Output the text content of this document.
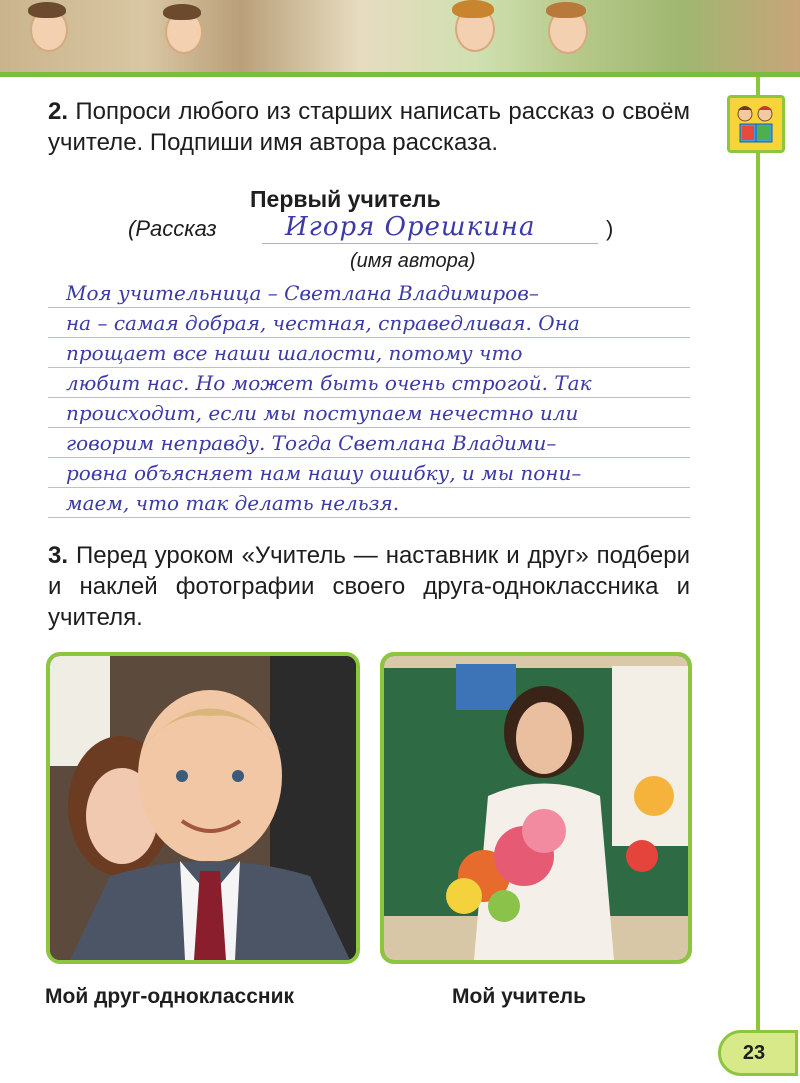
2. Попроси любого из старших написать рассказ о своём учителе. Подпиши имя автора рассказа.
Первый учитель
(Рассказ	)
Игоря Орешкина
(имя автора)
Моя учительница – Светлана Владимиров–
на – самая добрая, честная, справедливая. Она
прощает все наши шалости, потому что
любит нас. Но может быть очень строгой. Так
происходит, если мы поступаем нечестно или
говорим неправду. Тогда Светлана Владими–
ровна объясняет нам нашу ошибку, и мы пони–
маем, что так делать нельзя.
3. Перед уроком «Учитель — наставник и друг» подбери и наклей фотографии своего друга-одноклассника и учителя.
Мой друг-одноклассник	Мой учитель
23
